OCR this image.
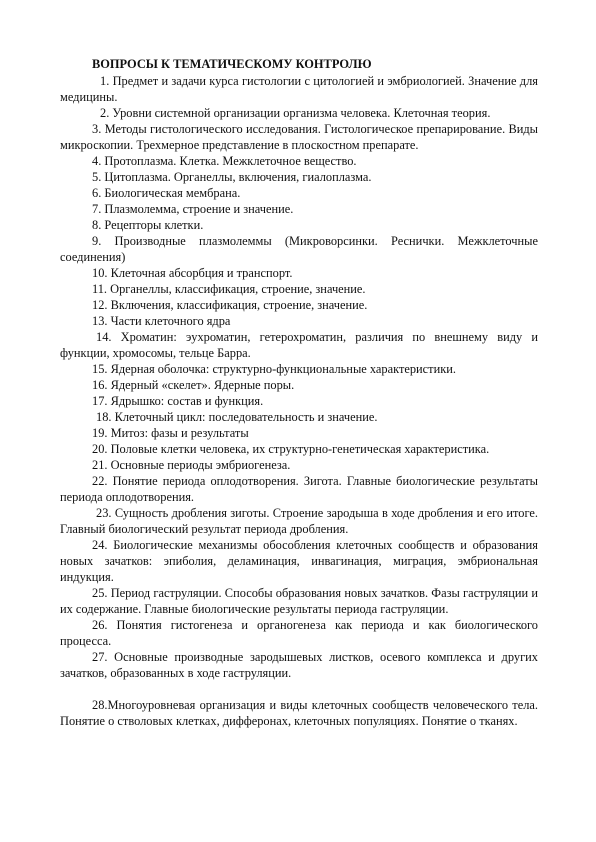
ВОПРОСЫ К ТЕМАТИЧЕСКОМУ КОНТРОЛЮ

1. Предмет и задачи курса гистологии с цитологией и эмбриологией. Значение для медицины.

2. Уровни системной организации организма человека. Клеточная теория.

3. Методы гистологического исследования. Гистологическое препарирование. Виды микроскопии. Трехмерное представление в плоскостном препарате.

4. Протоплазма. Клетка. Межклеточное вещество.

5. Цитоплазма. Органеллы, включения, гиалоплазма.

6. Биологическая мембрана.

7. Плазмолемма, строение и значение.

8. Рецепторы клетки.

9. Производные плазмолеммы (Микроворсинки. Реснички. Межклеточные соединения)

10. Клеточная абсорбция и транспорт.

11. Органеллы, классификация, строение, значение.

12. Включения, классификация, строение, значение.

13. Части клеточного ядра

14. Хроматин: эухроматин, гетерохроматин, различия по внешнему виду и функции, хромосомы, тельце Барра.

15. Ядерная оболочка: структурно-функциональные характеристики.

16. Ядерный «скелет». Ядерные поры.

17. Ядрышко: состав и функция.

18. Клеточный цикл: последовательность и значение.

19. Митоз: фазы и результаты

20. Половые клетки человека, их структурно-генетическая характеристика.

21. Основные периоды эмбриогенеза.

22. Понятие периода оплодотворения. Зигота. Главные биологические результаты периода оплодотворения.

23. Сущность дробления зиготы. Строение зародыша в ходе дробления и его итоге. Главный биологический результат периода дробления.

24. Биологические механизмы обособления клеточных сообществ и образования новых зачатков: эпиболия, деламинация, инвагинация, миграция, эмбриональная индукция.

25. Период гаструляции. Способы образования новых зачатков. Фазы гаструляции и их содержание. Главные биологические результаты периода гаструляции.

26. Понятия гистогенеза и органогенеза как периода и как биологического процесса.

27. Основные производные зародышевых листков, осевого комплекса и других зачатков, образованных в ходе гаструляции.

28.Многоуровневая организация и виды клеточных сообществ человеческого тела. Понятие о стволовых клетках, дифферонах, клеточных популяциях. Понятие о тканях.
